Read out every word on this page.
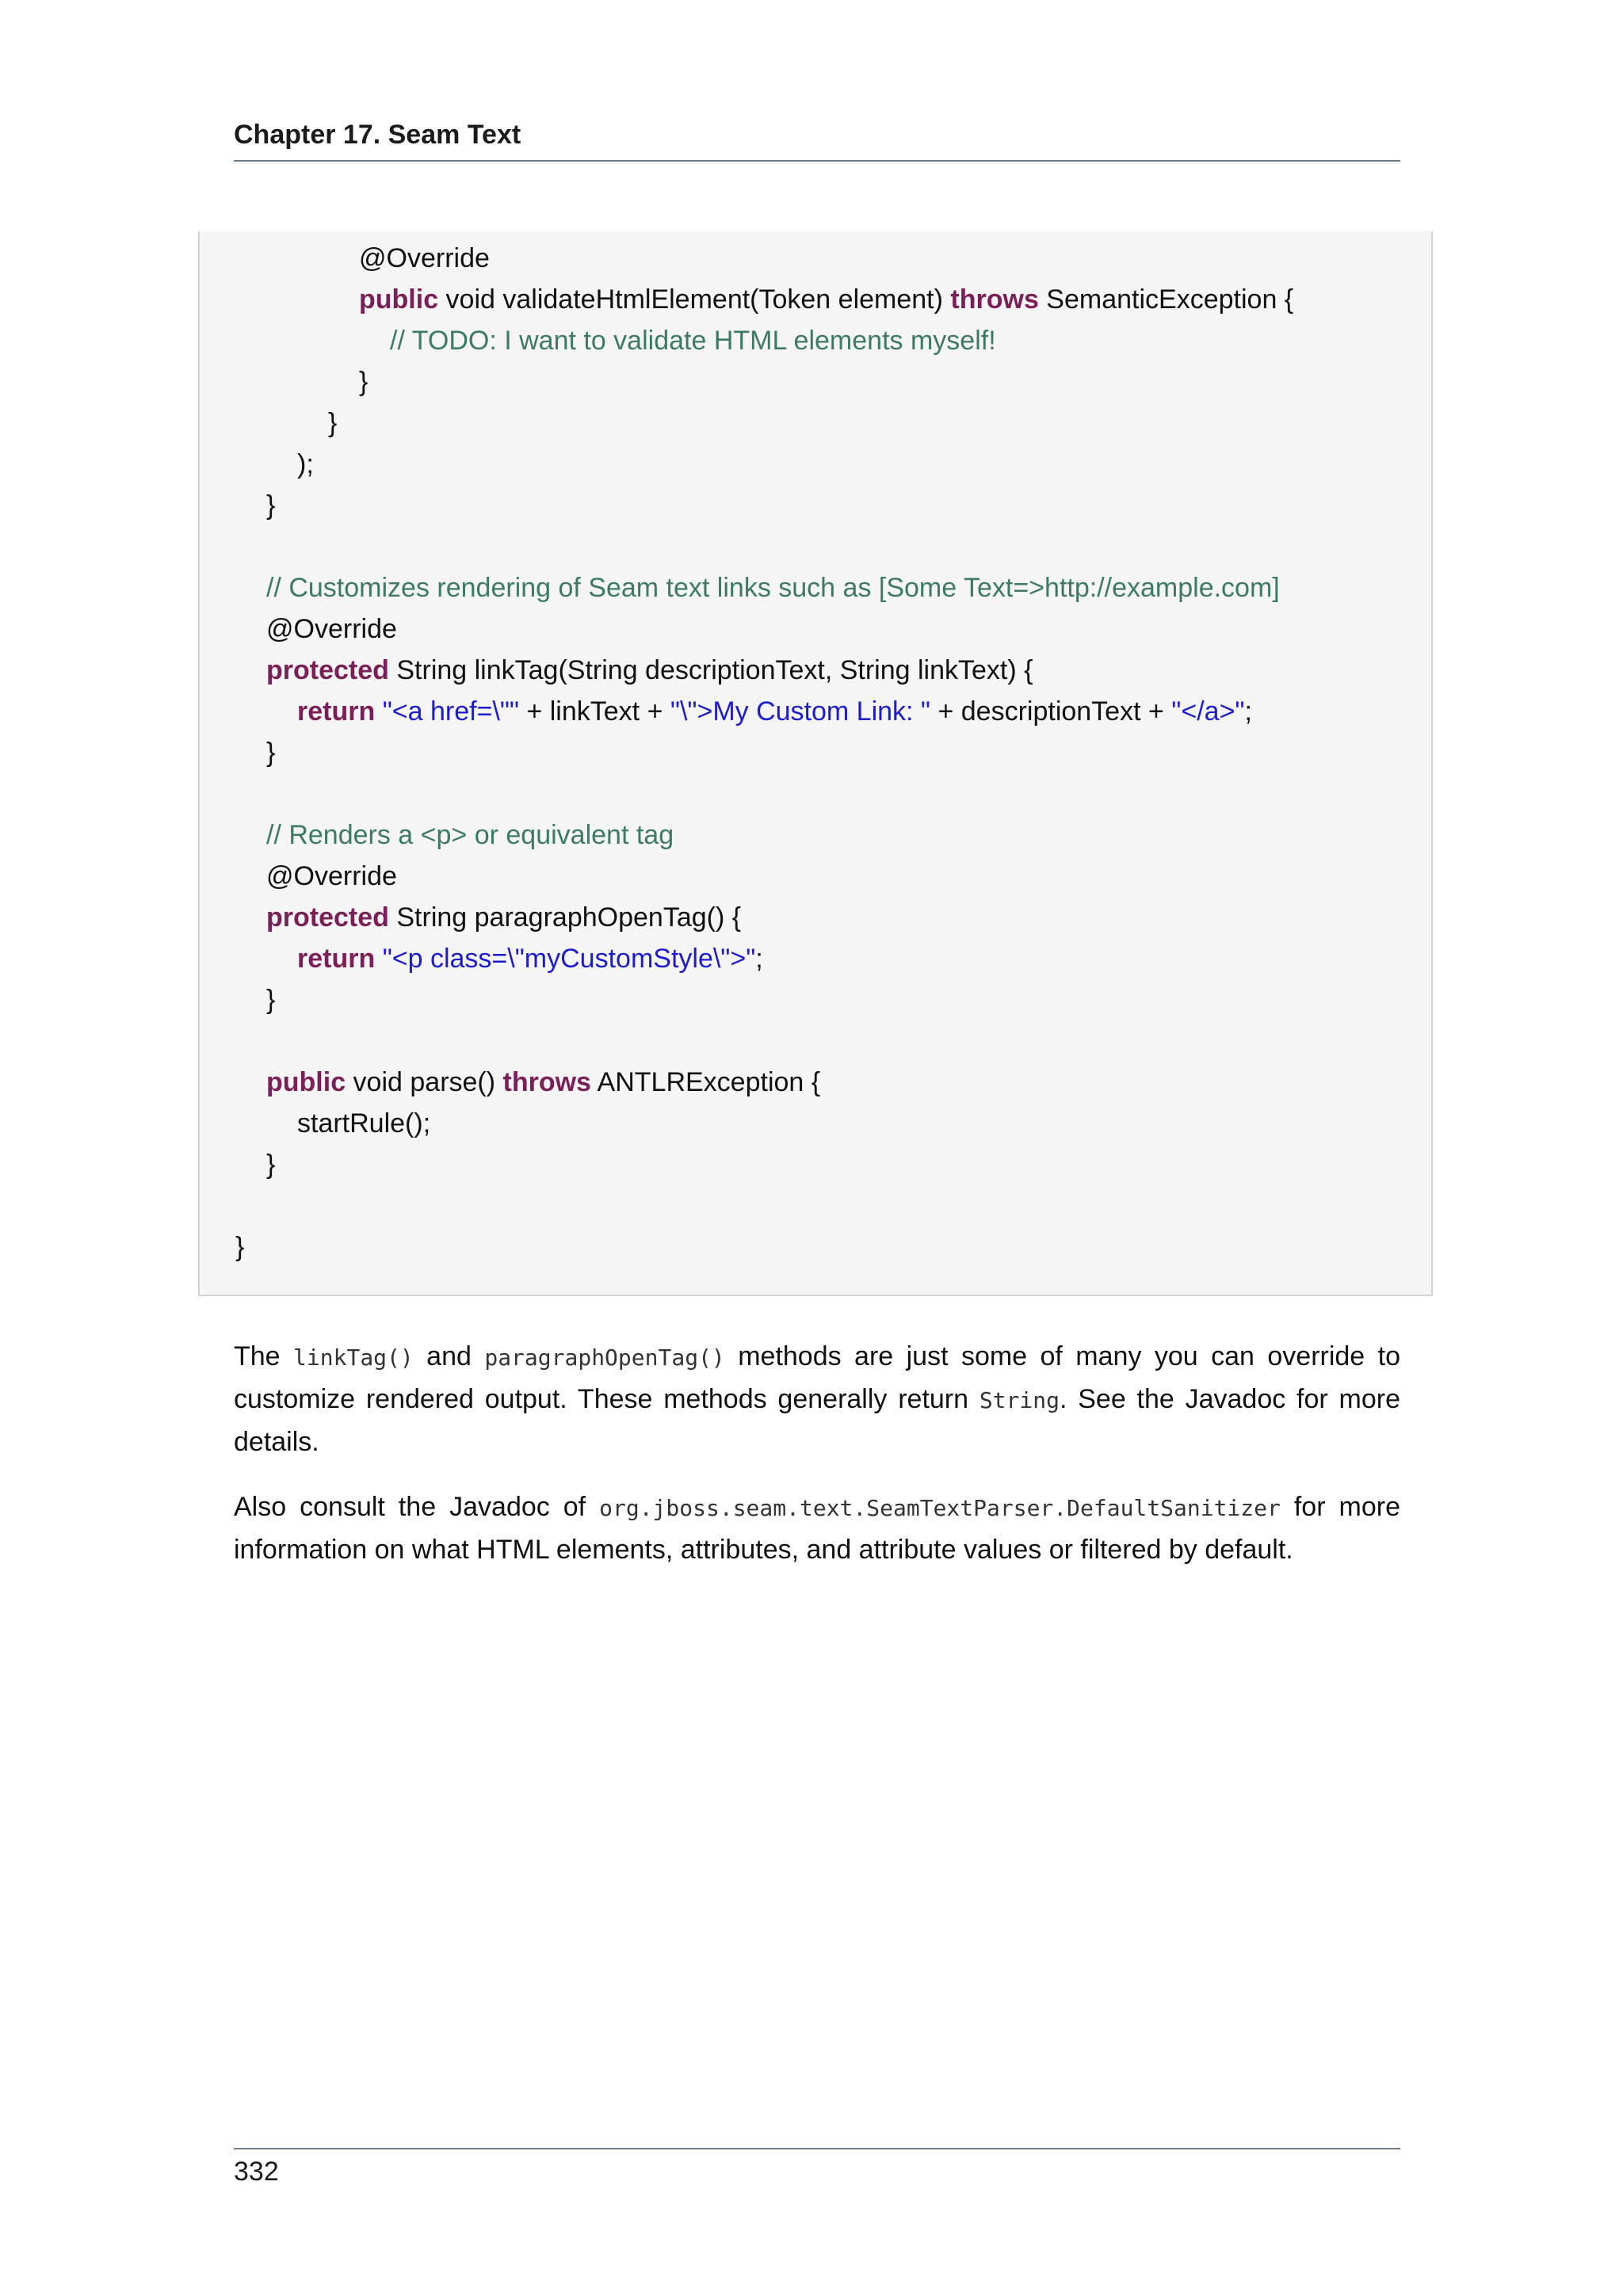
Chapter 17. Seam Text
@Override
public void validateHtmlElement(Token element) throws SemanticException {
// TODO: I want to validate HTML elements myself!
}
}
);
}
// Customizes rendering of Seam text links such as [Some Text=>http://example.com]
@Override
protected String linkTag(String descriptionText, String linkText) {
return "<a href=\"" + linkText + "\">My Custom Link: " + descriptionText + "</a>";
}
// Renders a <p> or equivalent tag
@Override
protected String paragraphOpenTag() {
return "<p class=\"myCustomStyle\">";
}
public void parse() throws ANTLRException {
startRule();
}
}
The linkTag() and paragraphOpenTag() methods are just some of many you can override to customize rendered output. These methods generally return String. See the Javadoc for more details.
Also consult the Javadoc of org.jboss.seam.text.SeamTextParser.DefaultSanitizer for more information on what HTML elements, attributes, and attribute values or filtered by default.
332
